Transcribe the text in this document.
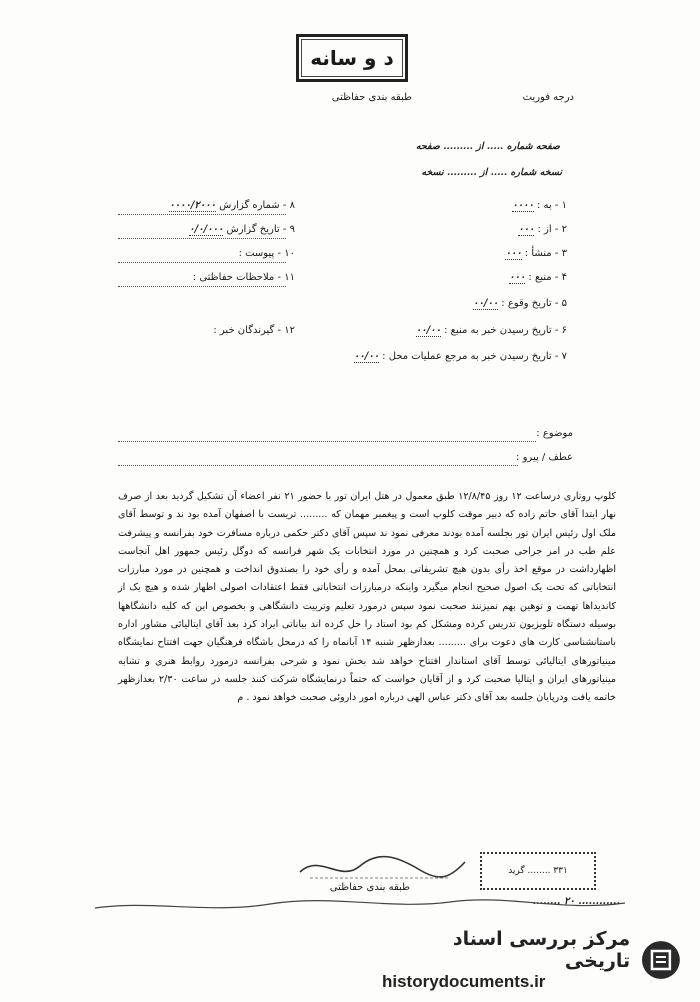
د و سانه
درجه فوریت
طبقه بندی حفاظتی
صفحه شماره ..... از ......... صفحه
نسخه شماره ..... از ......... نسخه
۱ - به : ۰۰۰۰
۲ - از : ۰۰۰
۳ - منشأ : ۰۰۰
۴ - منبع : ۰۰۰
۵ - تاریخ وقوع : ۰۰/۰۰
۶ - تاریخ رسیدن خبر به منبع : ۰۰/۰۰
۷ - تاریخ رسیدن خبر به مرجع عملیات محل : ۰۰/۰۰
۸ - شماره گزارش ۰۰۰۰/۲۰۰۰
۹ - تاریخ گزارش ۰/۰/۰۰۰
۱۰ - پیوست :
۱۱ - ملاحظات حفاظتی :
۱۲ - گیرندگان خبر :
موضوع :
عطف / پیرو :

کلوپ روتاری درساعت ۱۲ روز ۱۲/۸/۴۵ طبق معمول در هتل ایران تور با حضور ۲۱ نفر اعضاء آن تشکیل گردید بعد از صرف نهار ابتدا آقای حاتم زاده که دبیر موقت کلوپ است و پیغمبر مهمان که ......... تریست با اصفهان آمده بود ند و توسط آقای ملک اول رئیس ایران تور بجلسه آمده بودند معرفی نمود ند سپس آقای دکتر حکمی درباره مسافرت خود بفرانسه و پیشرفت علم طب در امر جراحی صحبت کرد و همچنین در مورد انتخابات یک شهر فرانسه که دوگل رئیس جمهور اهل آنجاست اظهارداشت در موقع اخذ رأی بدون هیچ تشریفاتی بمحل آمده و رأی خود را بصندوق انداخت و همچنین در مورد مبارزات انتخاباتی که تحت یک اصول صحیح انجام میگیرد واینکه درمبارزات انتخاباتی فقط اعتقادات اصولی اظهار شده و هیچ یک از کاندیداها تهمت و توهین بهم نمیزنند صحبت نمود سپس درمورد تعلیم وتربیت دانشگاهی و بخصوص این که کلیه دانشگاهها بوسیله دستگاه تلویزیون تدریس کرده ومشکل کم بود استاد را حل کرده اند بیاناتی ایراد کرد بعد آقای ایتالیائی مشاور اداره باستانشناسی کارت های دعوت برای ......... بعدازظهر شنبه ۱۴ آبانماه را که درمحل باشگاه فرهنگیان جهت افتتاح نمایشگاه مینیاتورهای ایتالیائی توسط آقای استاندار افتتاح خواهد شد بخش نمود و شرحی بفرانسه درمورد روابط هنری و تشابه مینیاتورهای ایران و ایتالیا صحبت کرد و از آقایان خواست که حتماً درنمایشگاه شرکت کنند جلسه در ساعت ۲/۳۰ بعدازظهر خاتمه یافت ودرپایان جلسه بعد آقای دکتر عباس الهی درباره امور داروئی صحبت خواهد نمود . م

۳۳۱ ........ گرید
طبقه بندی حفاظتی
............ ۲۰ ........
مرکز بررسی اسناد تاریخی
historydocuments.ir
